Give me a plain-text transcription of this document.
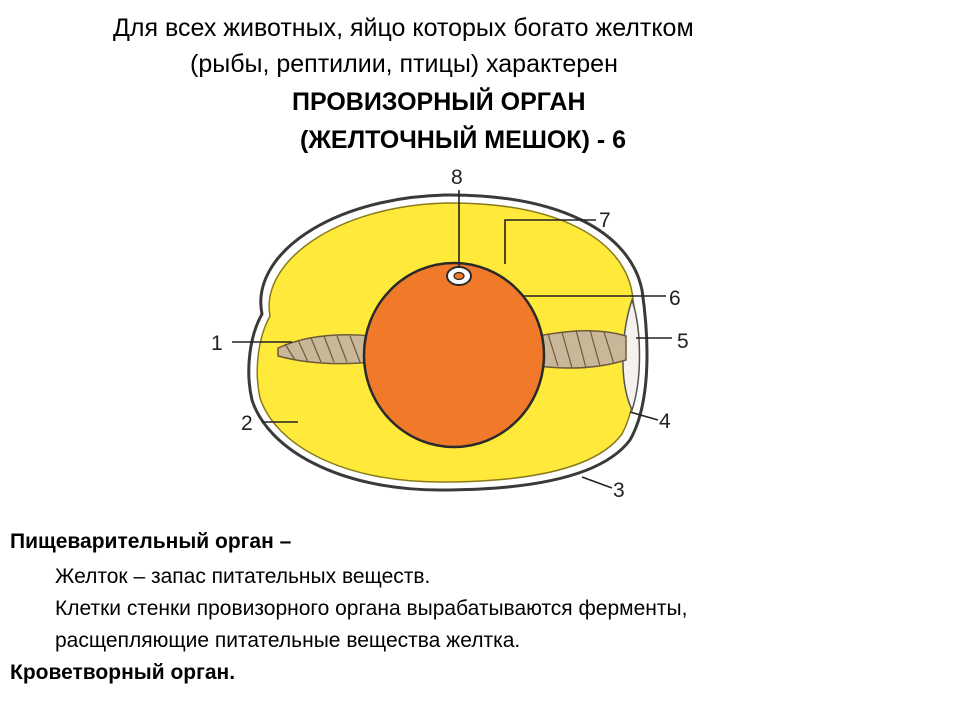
Для всех животных, яйцо которых богато желтком
(рыбы, рептилии, птицы) характерен
ПРОВИЗОРНЫЙ ОРГАН
(ЖЕЛТОЧНЫЙ МЕШОК) - 6
1
2
3
4
5
6
7
8
Пищеварительный орган –
Желток – запас питательных веществ.
Клетки стенки провизорного органа вырабатываются ферменты,
расщепляющие питательные вещества желтка.
Кроветворный орган.
